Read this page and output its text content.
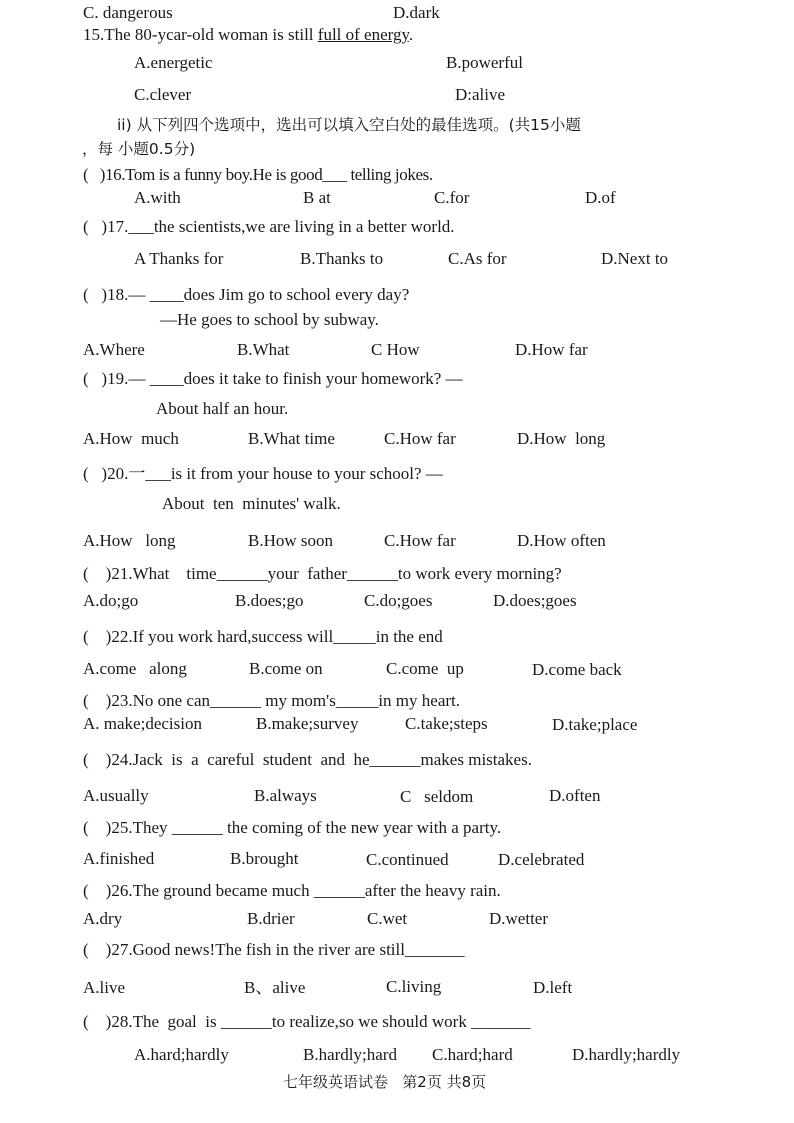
C. dangerous	D.dark
15.The 80-ycar-old woman is still full of energy.
A.energetic	B.powerful
C.clever	D:alive
ii) 从下列四个选项中，选出可以填入空白处的最佳选项。(共15小题
，每 小题0.5分)
(   )16.Tom is a funny boy.He is good___ telling jokes.
A.with	B at	C.for	D.of
(   )17.___the scientists,we are living in a better world.
A Thanks for	B.Thanks to	C.As for	D.Next to
(   )18.— ____does Jim go to school every day?
—He goes to school by subway.
A.Where	B.What	C How	D.How far
(   )19.— ____does it take to finish your homework? —
About half an hour.
A.How  much	B.What time	C.How far	D.How  long
(   )20.一___is it from your house to your school? —
About  ten  minutes' walk.
A.How   long	B.How soon	C.How far	D.How often
(    )21.What    time______your  father______to work every morning?
A.do;go	B.does;go	C.do;goes	D.does;goes
(    )22.If you work hard,success will_____in the end
A.come   along	B.come on	C.come  up	D.come back
(    )23.No one can______ my mom's_____in my heart.
A. make;decision	B.make;survey	C.take;steps	D.take;place
(    )24.Jack  is  a  careful  student  and  he______makes mistakes.
A.usually	B.always	C   seldom	D.often
(    )25.They ______ the coming of the new year with a party.
A.finished	B.brought	C.continued	D.celebrated
(    )26.The ground became much ______after the heavy rain.
A.dry	B.drier	C.wet	D.wetter
(    )27.Good news!The fish in the river are still_______
A.live	B、alive	C.living	D.left
(    )28.The  goal  is ______to realize,so we should work _______
A.hard;hardly	B.hardly;hard C.hard;hard	D.hardly;hardly
七年级英语试卷   第2页 共8页
